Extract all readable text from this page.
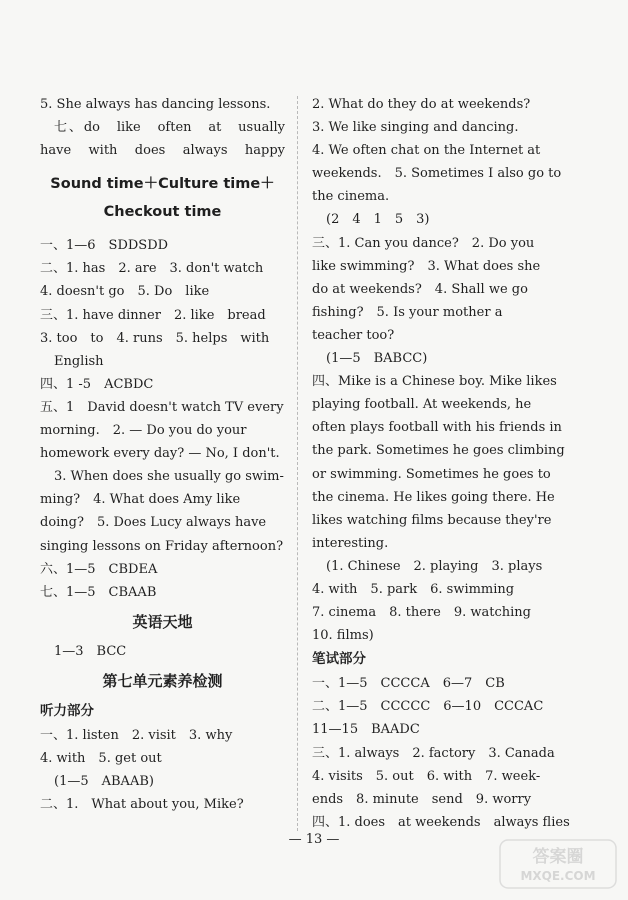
5. She always has dancing lessons.
七、do　like　often　at　usually
have　with　does　always　happy
Sound time＋Culture time＋
Checkout time
一、1—6　SDDSDD
二、1. has　2. are　3. don't watch
4. doesn't go　5. Do　like
三、1. have dinner　2. like　bread
3. too　to　4. runs　5. helps　with
English
四、1 -5　ACBDC
五、1　David doesn't watch TV every
morning.　2. — Do you do your
homework every day? — No, I don't.
3. When does she usually go swim-
ming?　4. What does Amy like
doing?　5. Does Lucy always have
singing lessons on Friday afternoon?
六、1—5　CBDEA
七、1—5　CBAAB
英语天地
1—3　BCC
第七单元素养检测
听力部分
一、1. listen　2. visit　3. why
4. with　5. get out
(1—5　ABAAB)
二、1.　What about you, Mike?
2. What do they do at weekends?
3. We like singing and dancing.
4. We often chat on the Internet at
weekends.　5. Sometimes I also go to
the cinema.
(2　4　1　5　3)
三、1. Can you dance?　2. Do you
like swimming?　3. What does she
do at weekends?　4. Shall we go
fishing?　5. Is your mother a
teacher too?
(1—5　BABCC)
四、Mike is a Chinese boy. Mike likes
playing football. At weekends, he
often plays football with his friends in
the park. Sometimes he goes climbing
or swimming. Sometimes he goes to
the cinema. He likes going there. He
likes watching films because they're
interesting.
(1. Chinese　2. playing　3. plays
4. with　5. park　6. swimming
7. cinema　8. there　9. watching
10. films)
笔试部分
一、1—5　CCCCA　6—7　CB
二、1—5　CCCCC　6—10　CCCAC
11—15　BAADC
三、1. always　2. factory　3. Canada
4. visits　5. out　6. with　7. week-
ends　8. minute　send　9. worry
四、1. does　at weekends　always flies
— 13 —
答案圈
MXQE.COM
